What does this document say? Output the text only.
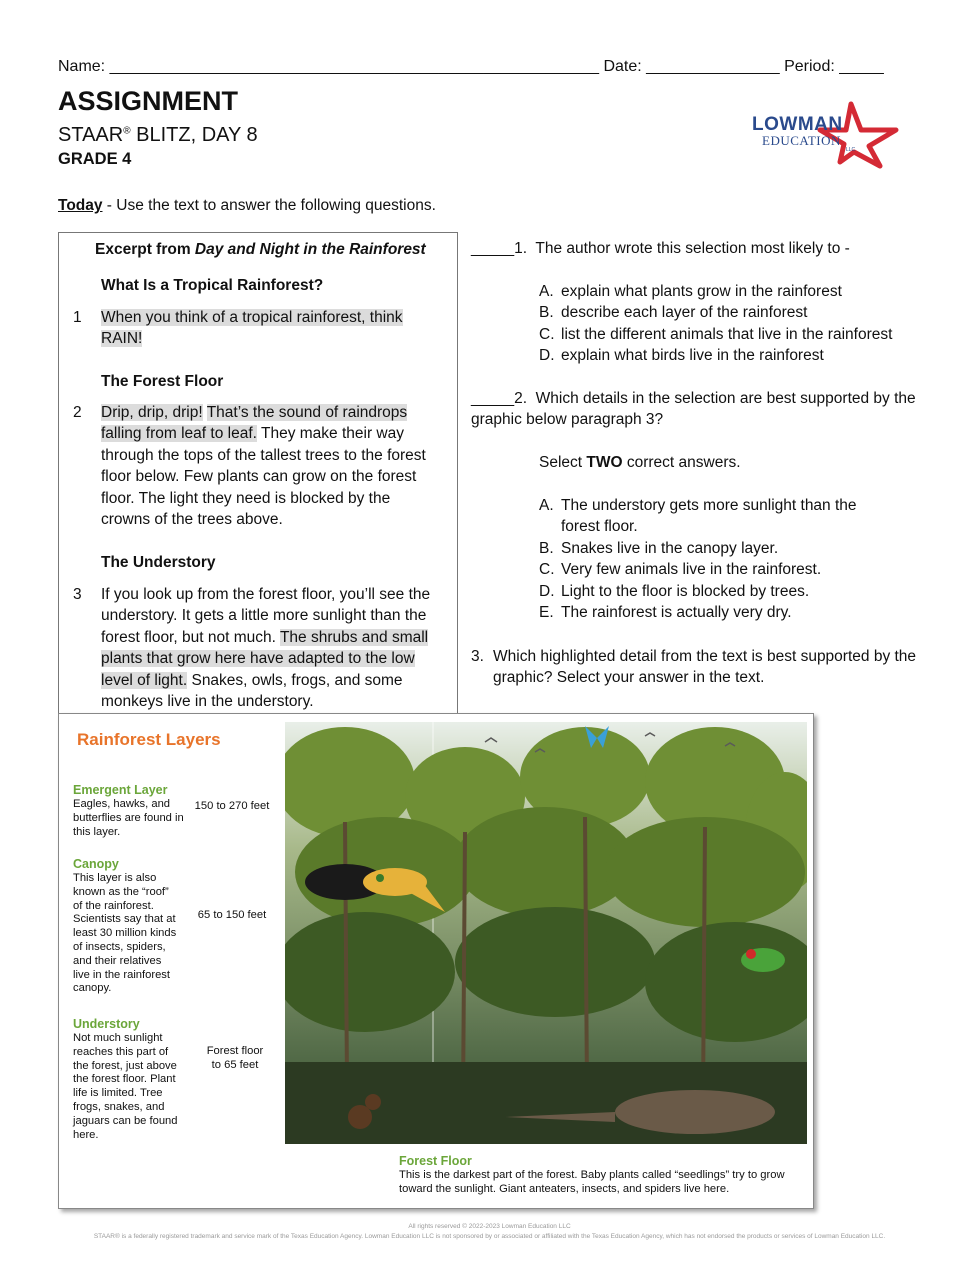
Name: _______________________________________________________ Date: _______________ Period: _____
ASSIGNMENT
STAAR® BLITZ, DAY 8
GRADE 4
LOWMAN
EDUCATION
LLC
Today - Use the text to answer the following questions.
Excerpt from Day and Night in the Rainforest
What Is a Tropical Rainforest?
1 When you think of a tropical rainforest, think RAIN!
The Forest Floor
2 Drip, drip, drip! That’s the sound of raindrops falling from leaf to leaf. They make their way through the tops of the tallest trees to the forest floor below. Few plants can grow on the forest floor. The light they need is blocked by the crowns of the trees above.
The Understory
3 If you look up from the forest floor, you’ll see the understory. It gets a little more sunlight than the forest floor, but not much. The shrubs and small plants that grow here have adapted to the low level of light. Snakes, owls, frogs, and some monkeys live in the understory.
_____1. The author wrote this selection most likely to -
A. explain what plants grow in the rainforest
B. describe each layer of the rainforest
C. list the different animals that live in the rainforest
D. explain what birds live in the rainforest
_____2. Which details in the selection are best supported by the graphic below paragraph 3?
Select TWO correct answers.
A. The understory gets more sunlight than the forest floor.
B. Snakes live in the canopy layer.
C. Very few animals live in the rainforest.
D. Light to the floor is blocked by trees.
E. The rainforest is actually very dry.
3. Which highlighted detail from the text is best supported by the graphic? Select your answer in the text.
Rainforest Layers
Emergent Layer
Eagles, hawks, and butterflies are found in this layer.
150 to 270 feet
Canopy
This layer is also known as the “roof” of the rainforest. Scientists say that at least 30 million kinds of insects, spiders, and their relatives live in the rainforest canopy.
65 to 150 feet
Understory
Not much sunlight reaches this part of the forest, just above the forest floor. Plant life is limited. Tree frogs, snakes, and jaguars can be found here.
Forest floor
to 65 feet
Forest Floor
This is the darkest part of the forest. Baby plants called “seedlings” try to grow toward the sunlight. Giant anteaters, insects, and spiders live here.
All rights reserved © 2022-2023 Lowman Education LLC
STAAR® is a federally registered trademark and service mark of the Texas Education Agency. Lowman Education LLC is not sponsored by or associated or affiliated with the Texas Education Agency, which has not endorsed the products or services of Lowman Education LLC.
